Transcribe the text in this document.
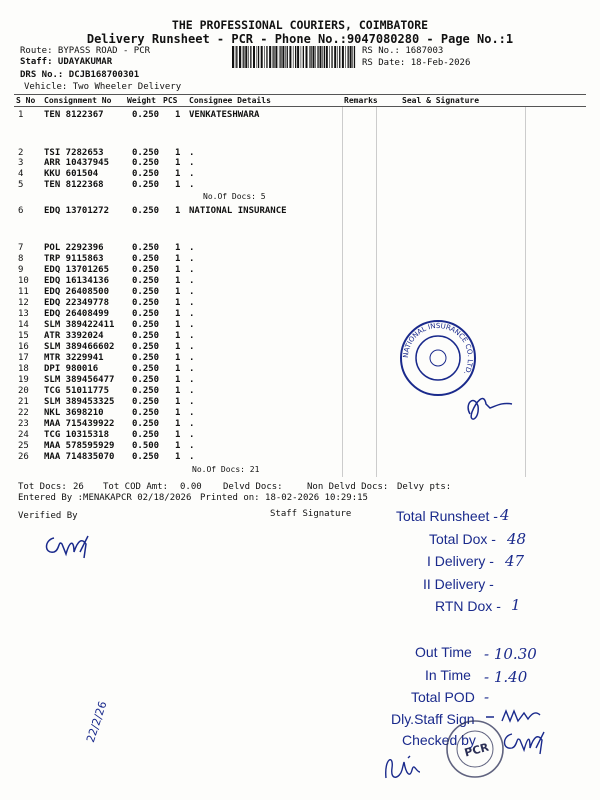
THE PROFESSIONAL COURIERS, COIMBATORE
Delivery Runsheet - PCR - Phone No.:9047080280 - Page No.:1
Route: BYPASS ROAD - PCR
Staff: UDAYAKUMAR
DRS No.: DCJB168700301
Vehicle: Two Wheeler Delivery
RS No.: 1687003
RS Date: 18-Feb-2026
S No Consignment No Weight PCS Consignee Details	Remarks	Seal & Signature
1 TEN 8122367	0.250 1 VENKATESHWARA
2 TSI 7282653	0.250 1 .
3 ARR 10437945	0.250 1 .
4 KKU 601504	0.250 1 .
5 TEN 8122368	0.250 1 .
6 EDQ 13701272	0.250 1 NATIONAL INSURANCE
7 POL 2292396	0.250 1 .
8 TRP 9115863	0.250 1 .
9 EDQ 13701265	0.250 1 .
10 EDQ 16134136	0.250 1 .
11 EDQ 26408500	0.250 1 .
12 EDQ 22349778	0.250 1 .
13 EDQ 26408499	0.250 1 .
14 SLM 389422411 0.250 1 .
15 ATR 3392024	0.250 1 .
16 SLM 389466602 0.250 1 .
17 MTR 3229941	0.250 1 .
18 DPI 980016	0.250 1 .
19 SLM 389456477 0.250 1 .
20 TCG 51011775	0.250 1 .
21 SLM 389453325 0.250 1 .
22 NKL 3698210	0.250 1 .
23 MAA 715439922 0.250 1 .
24 TCG 10315318	0.250 1 .
25 MAA 578595929 0.500 1 .
26 MAA 714835070 0.250 1 .
No.Of Docs: 5
No.Of Docs: 21
NATIONAL INSURANCE CO. LTD.
Tot Docs: 26 Tot COD Amt: 0.00 Delvd Docs:	Non Delvd Docs: Delvy pts:
Entered By :MENAKAPCR 02/18/2026 Printed on: 18-02-2026 10:29:15
Verified By	Staff Signature	Total Runsheet - 4
Total Dox - 48
I Delivery - 47
II Delivery -
RTN Dox - 1
Out Time - 10.30
In Time - 1.40
Total POD -
Dly.Staff Sign
Checked by
PCR
22/2/26
